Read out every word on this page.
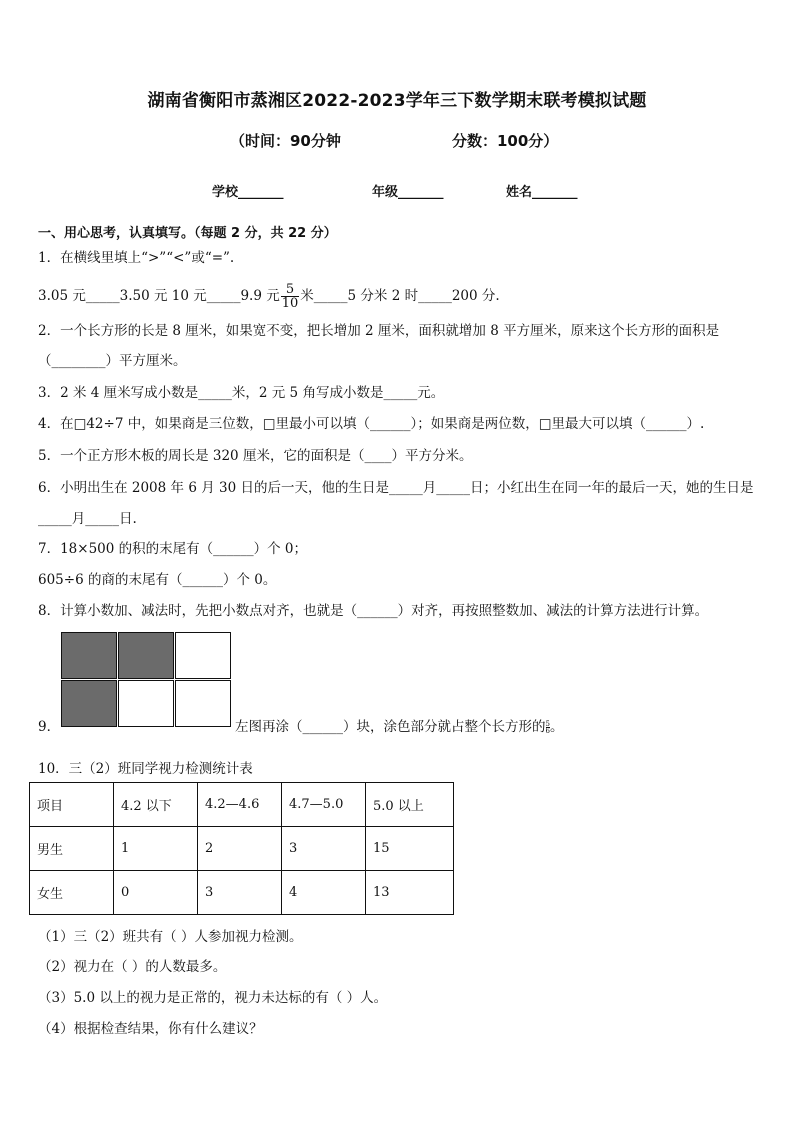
湖南省衡阳市蒸湘区2022-2023学年三下数学期末联考模拟试题
（时间：90分钟	分数：100分）
学校_______	年级_______	姓名_______
一、用心思考，认真填写。（每题 2 分，共 22 分）
1．在横线里填上“>”“<”或“=”.
3.05 元_____3.50 元 10 元_____9.9 元 $\frac{5}{10}$ 米_____5 分米 2 时_____200 分.
2．一个长方形的长是 8 厘米，如果宽不变，把长增加 2 厘米，面积就增加 8 平方厘米，原来这个长方形的面积是
（________）平方厘米。
3．2 米 4 厘米写成小数是_____米，2 元 5 角写成小数是_____元。
4．在□42÷7 中，如果商是三位数，□里最小可以填（______）；如果商是两位数，□里最大可以填（______）.
5．一个正方形木板的周长是 320 厘米，它的面积是（____）平方分米。
6．小明出生在 2008 年 6 月 30 日的后一天，他的生日是_____月_____日；小红出生在同一年的最后一天，她的生日是
_____月_____日.
7．18×500 的积的末尾有（______）个 0；
605÷6 的商的末尾有（______）个 0。
8．计算小数加、减法时，先把小数点对齐，也就是（______）对齐，再按照整数加、减法的计算方法进行计算。
9．	左图再涂（______）块，涂色部分就占整个长方形的 $\frac{5}{6}$ 。
10．三（2）班同学视力检测统计表
项目	4.2 以下	4.2—4.6	4.7—5.0	5.0 以上
男生	1	2	3	15
女生	0	3	4	13
（1）三（2）班共有（ ）人参加视力检测。
（2）视力在（ ）的人数最多。
（3）5.0 以上的视力是正常的，视力未达标的有（ ）人。
（4）根据检查结果，你有什么建议？
